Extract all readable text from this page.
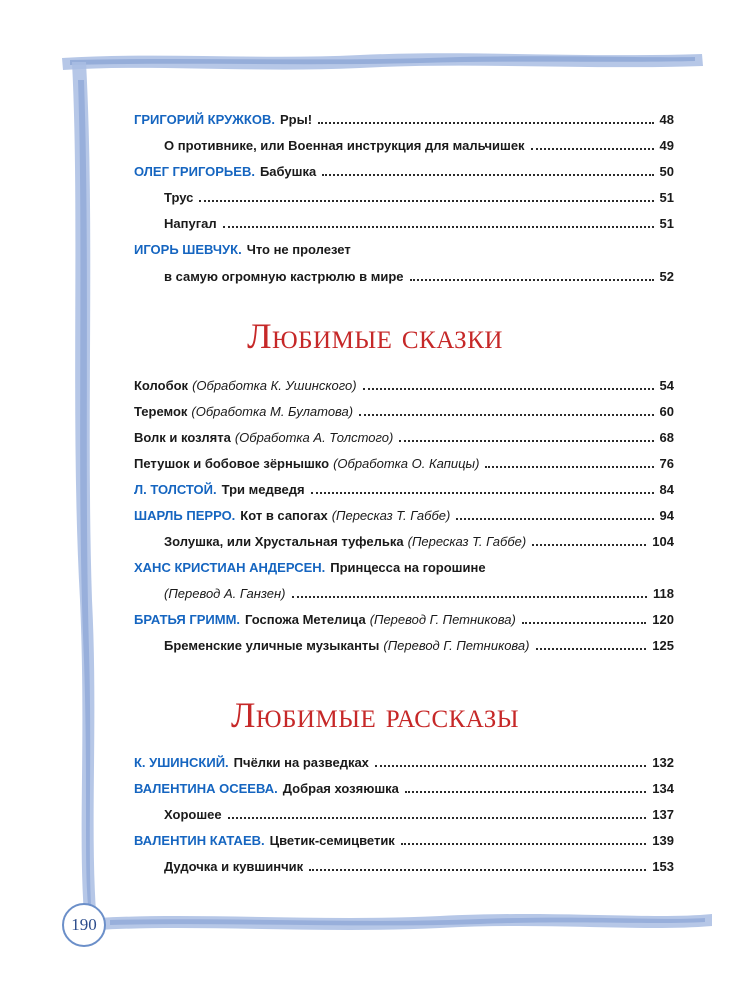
ГРИГОРИЙ КРУЖКОВ. Рры!	48
О противнике, или Военная инструкция для мальчишек	49
ОЛЕГ ГРИГОРЬЕВ. Бабушка	50
Трус	51
Напугал	51
ИГОРЬ ШЕВЧУК. Что не пролезет
в самую огромную кастрюлю в мире	52
Любимые сказки
Колобок (Обработка К. Ушинского)	54
Теремок (Обработка М. Булатова)	60
Волк и козлята (Обработка А. Толстого)	68
Петушок и бобовое зёрнышко (Обработка О. Капицы)	76
Л. ТОЛСТОЙ. Три медведя	84
ШАРЛЬ ПЕРРО. Кот в сапогах (Пересказ Т. Габбе)	94
Золушка, или Хрустальная туфелька (Пересказ Т. Габбе)	104
ХАНС КРИСТИАН АНДЕРСЕН. Принцесса на горошине
(Перевод А. Ганзен)	118
БРАТЬЯ ГРИММ. Госпожа Метелица (Перевод Г. Петникова)	120
Бременские уличные музыканты (Перевод Г. Петникова)	125
Любимые рассказы
К. УШИНСКИЙ. Пчёлки на разведках	132
ВАЛЕНТИНА ОСЕЕВА. Добрая хозяюшка	134
Хорошее	137
ВАЛЕНТИН КАТАЕВ. Цветик-семицветик	139
Дудочка и кувшинчик	153
190
